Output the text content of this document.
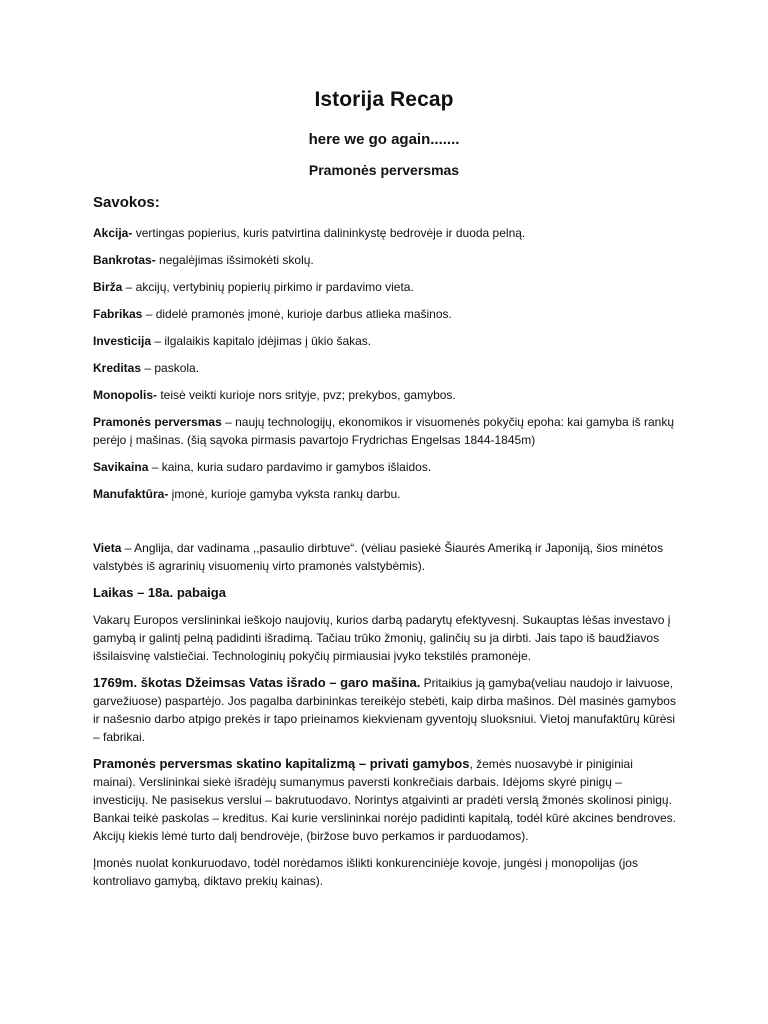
Istorija Recap
here we go again.......
Pramonės perversmas
Savokos:

Akcija- vertingas popierius, kuris patvirtina dalininkystę bedrovėje ir duoda pelną.

Bankrotas- negalėjimas išsimokėti skolų.

Birža – akcijų, vertybinių popierių pirkimo ir pardavimo vieta.

Fabrikas – didelė pramonės įmonė, kurioje darbus atlieka mašinos.

Investicija – ilgalaikis kapitalo įdėjimas į ūkio šakas.

Kreditas – paskola.

Monopolis- teisė veikti kurioje nors srityje, pvz; prekybos, gamybos.

Pramonės perversmas – naujų technologijų, ekonomikos ir visuomenės pokyčių epoha: kai gamyba iš rankų perėjo į mašinas. (šią sąvoka pirmasis pavartojo Frydrichas Engelsas 1844-1845m)

Savikaina – kaina, kuria sudaro pardavimo ir gamybos išlaidos.

Manufaktūra- įmonė, kurioje gamyba vyksta rankų darbu.

Vieta – Anglija, dar vadinama ,,pasaulio dirbtuve“. (vėliau pasiekė Šiaurės Ameriką ir Japoniją, šios minėtos valstybės iš agrarinių visuomenių virto pramonės valstybėmis).

Laikas – 18a. pabaiga

Vakarų Europos verslininkai ieškojo naujovių, kurios darbą padarytų efektyvesnį. Sukauptas lėšas investavo į gamybą ir galintį pelną padidinti išradimą. Tačiau trūko žmonių, galinčių su ja dirbti. Jais tapo iš baudžiavos išsilaisvinę valstiečiai. Technologinių pokyčių pirmiausiai įvyko tekstilės pramonėje.

1769m. škotas Džeimsas Vatas išrado – garo mašina. Pritaikius ją gamyba(veliau naudojo ir laivuose, garvežiuose) paspartėjo. Jos pagalba darbininkas tereikėjo stebėti, kaip dirba mašinos. Dėl masinės gamybos ir našesnio darbo atpigo prekės ir tapo prieinamos kiekvienam gyventojų sluoksniui. Vietoj manufaktūrų kūrėsi – fabrikai.

Pramonės perversmas skatino kapitalizmą – privati gamybos, žemės nuosavybė ir piniginiai mainai). Verslininkai siekė išradėjų sumanymus paversti konkrečiais darbais. Idėjoms skyrė pinigų – investicijų. Ne pasisekus verslui – bakrutuodavo. Norintys atgaivinti ar pradėti verslą žmonės skolinosi pinigų. Bankai teikė paskolas – kreditus. Kai kurie verslininkai norėjo padidinti kapitalą, todėl kūrė akcines bendroves. Akcijų kiekis lėmė turto dalį bendrovėje, (biržose buvo perkamos ir parduodamos).

Įmonės nuolat konkuruodavo, todėl norėdamos išlikti konkurenciniėje kovoje, jungėsi į monopolijas (jos kontroliavo gamybą, diktavo prekių kainas).
